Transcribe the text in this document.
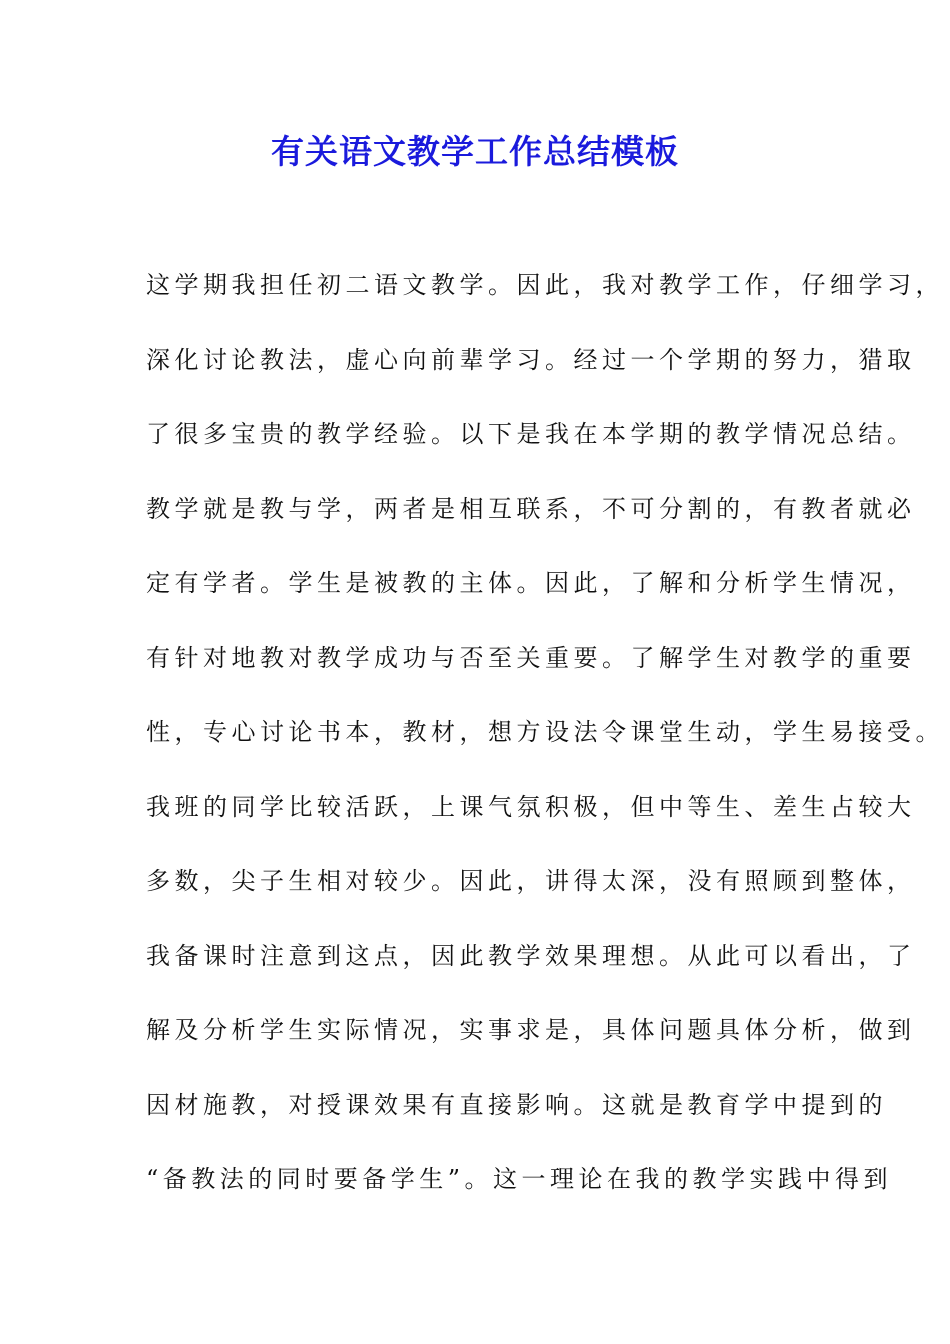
有关语文教学工作总结模板
这学期我担任初二语文教学。因此，我对教学工作，仔细学习，
深化讨论教法，虚心向前辈学习。经过一个学期的努力，猎取
了很多宝贵的教学经验。以下是我在本学期的教学情况总结。
教学就是教与学，两者是相互联系，不可分割的，有教者就必
定有学者。学生是被教的主体。因此，了解和分析学生情况，
有针对地教对教学成功与否至关重要。了解学生对教学的重要
性，专心讨论书本，教材，想方设法令课堂生动，学生易接受。
我班的同学比较活跃，上课气氛积极，但中等生、差生占较大
多数，尖子生相对较少。因此，讲得太深，没有照顾到整体，
我备课时注意到这点，因此教学效果理想。从此可以看出，了
解及分析学生实际情况，实事求是，具体问题具体分析，做到
因材施教，对授课效果有直接影响。这就是教育学中提到的
“备教法的同时要备学生”。这一理论在我的教学实践中得到
